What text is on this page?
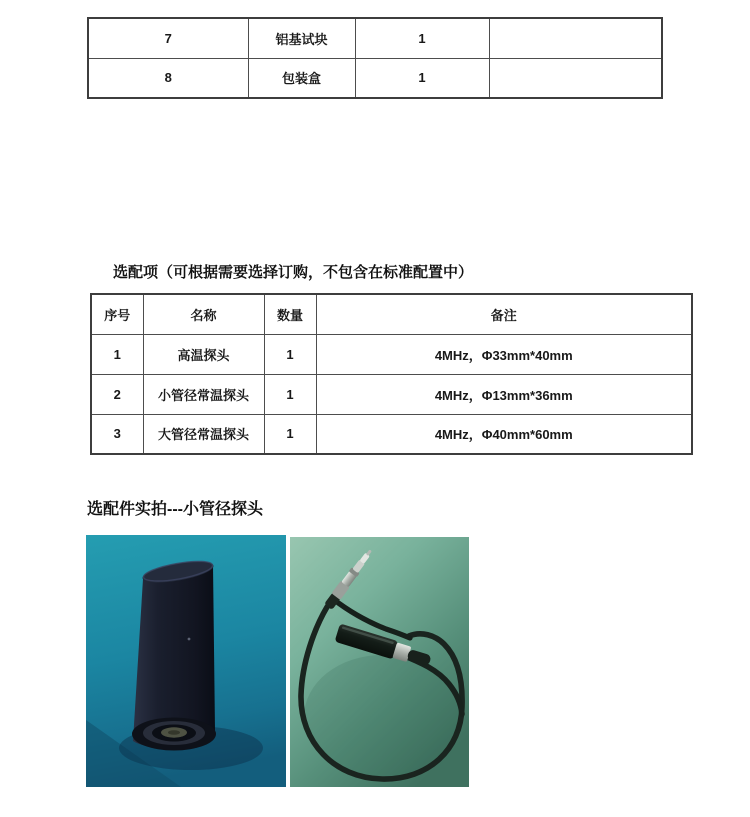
7	铝基试块	1	
8	包装盒	1	
选配项（可根据需要选择订购，不包含在标准配置中）
序号	名称	数量	备注
1	高温探头	1	4MHz，Φ33mm*40mm
2	小管径常温探头	1	4MHz，Φ13mm*36mm
3	大管径常温探头	1	4MHz，Φ40mm*60mm
选配件实拍---小管径探头
